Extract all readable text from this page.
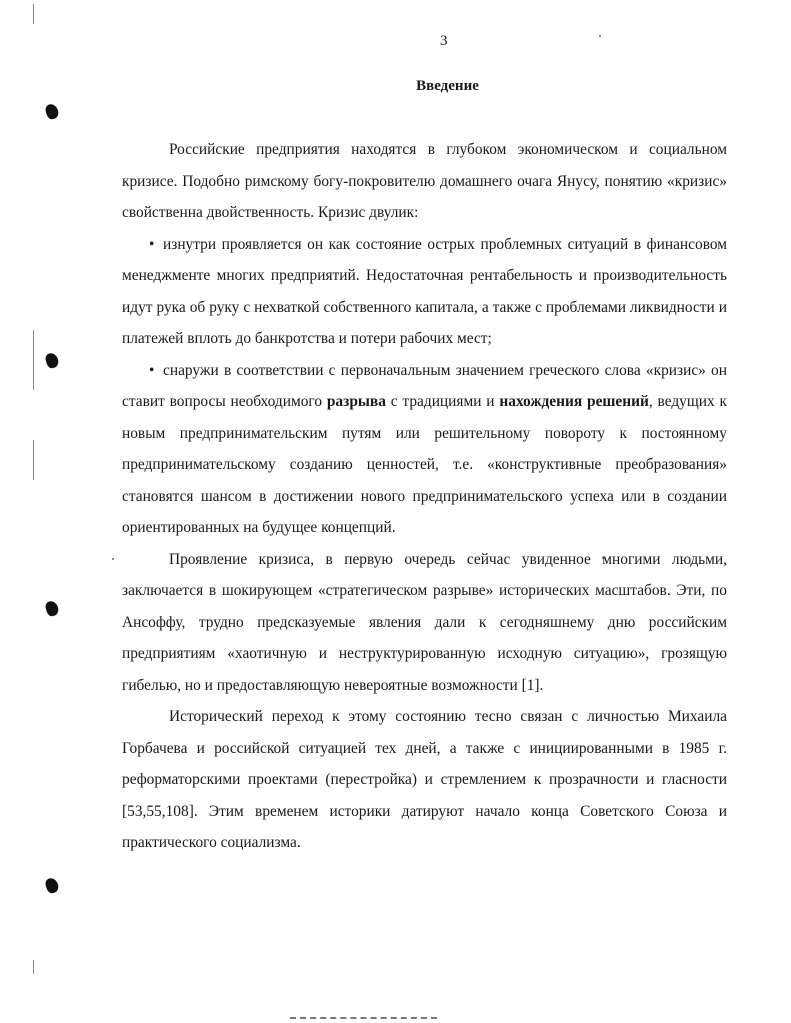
3
Введение

Российские предприятия находятся в глубоком экономическом и социальном кризисе. Подобно римскому богу-покровителю домашнего очага Янусу, понятию «кризис» свойственна двойственность. Кризис двулик:

• изнутри проявляется он как состояние острых проблемных ситуаций в финансовом менеджменте многих предприятий. Недостаточная рентабельность и производительность идут рука об руку с нехваткой собственного капитала, а также с проблемами ликвидности и платежей вплоть до банкротства и потери рабочих мест;

• снаружи в соответствии с первоначальным значением греческого слова «кризис» он ставит вопросы необходимого разрыва с традициями и нахождения решений, ведущих к новым предпринимательским путям или решительному повороту к постоянному предпринимательскому созданию ценностей, т.е. «конструктивные преобразования» становятся шансом в достижении нового предпринимательского успеха или в создании ориентированных на будущее концепций.

Проявление кризиса, в первую очередь сейчас увиденное многими людьми, заключается в шокирующем «стратегическом разрыве» исторических масштабов. Эти, по Ансоффу, трудно предсказуемые явления дали к сегодняшнему дню российским предприятиям «хаотичную и неструктурированную исходную ситуацию», грозящую гибелью, но и предоставляющую невероятные возможности [1].

Исторический переход к этому состоянию тесно связан с личностью Михаила Горбачева и российской ситуацией тех дней, а также с инициированными в 1985 г. реформаторскими проектами (перестройка) и стремлением к прозрачности и гласности [53,55,108]. Этим временем историки датируют начало конца Советского Союза и практического социализма.
